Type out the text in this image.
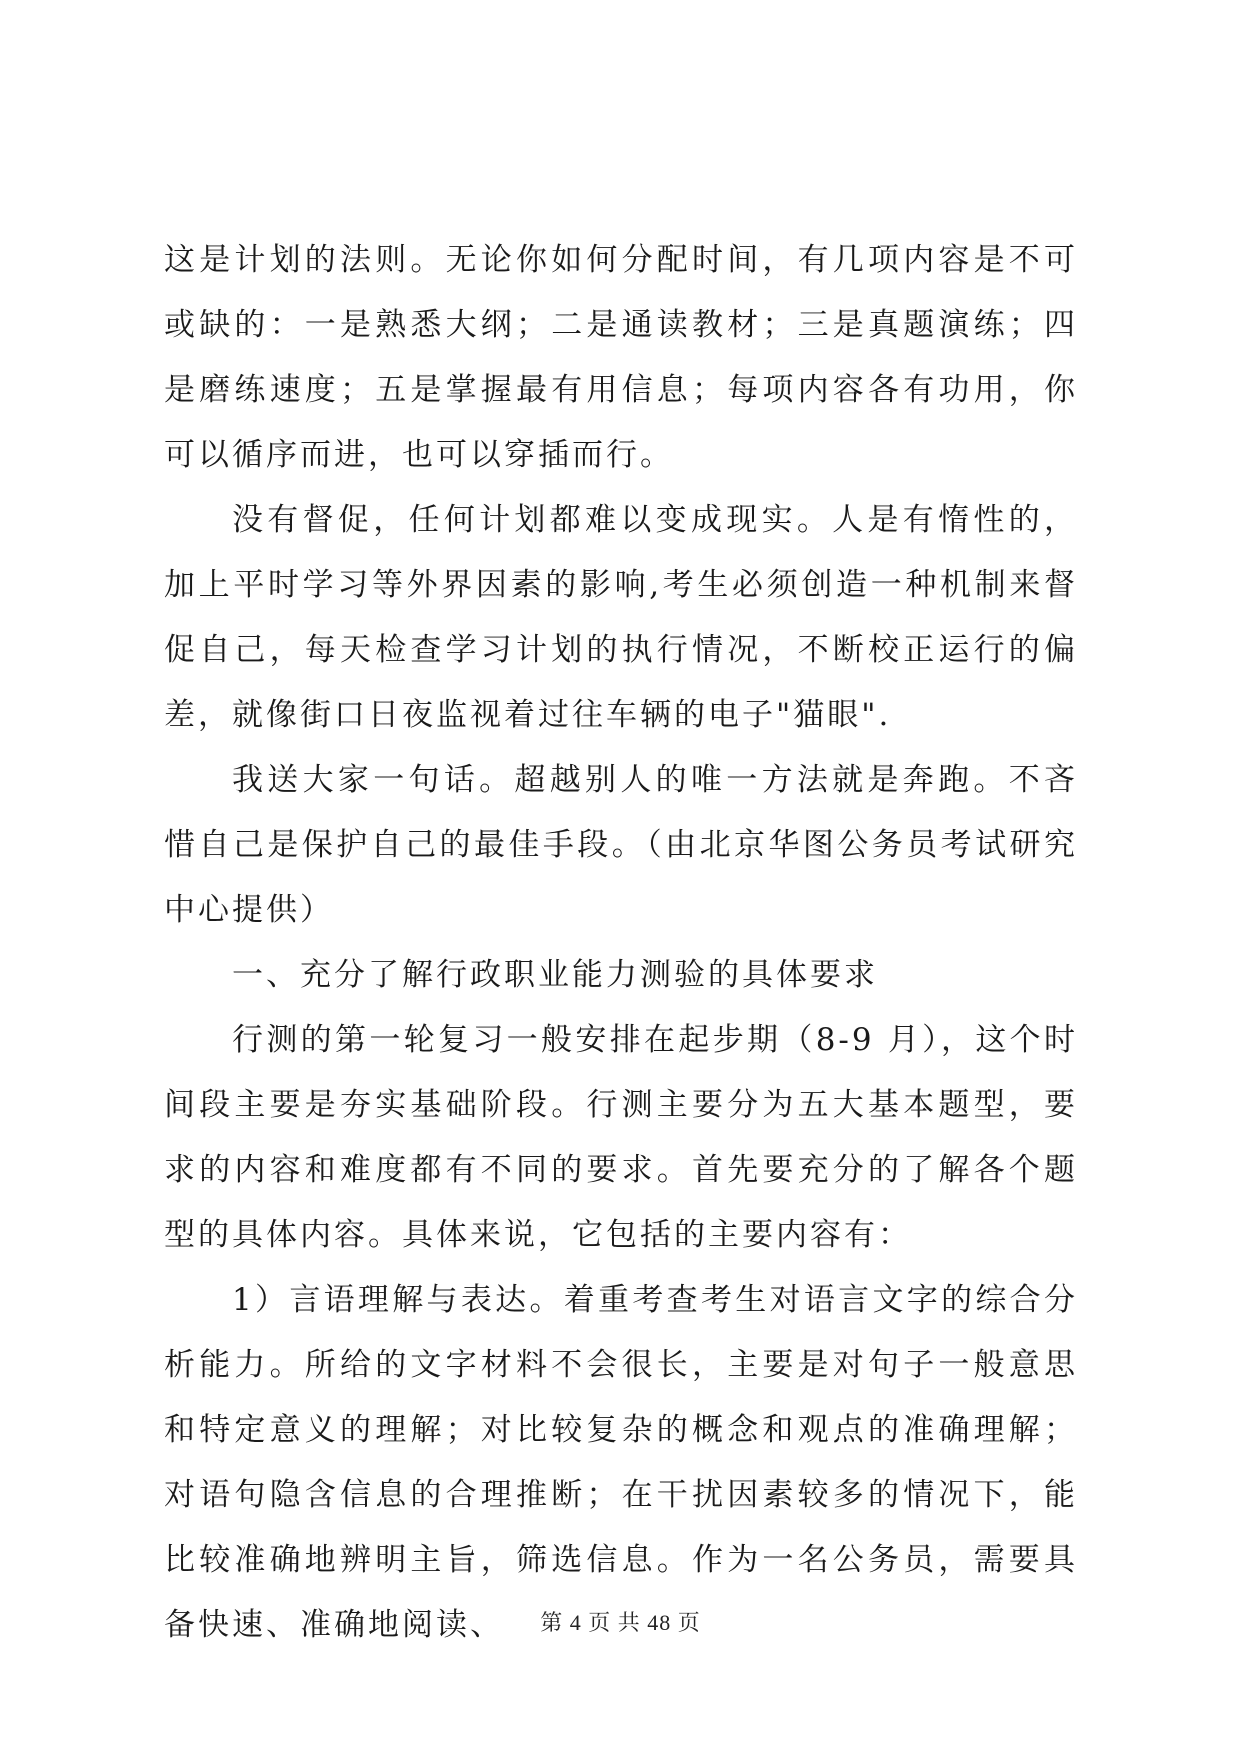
这是计划的法则。无论你如何分配时间，有几项内容是不可或缺的：一是熟悉大纲；二是通读教材；三是真题演练；四是磨练速度；五是掌握最有用信息；每项内容各有功用，你可以循序而进，也可以穿插而行。

没有督促，任何计划都难以变成现实。人是有惰性的，加上平时学习等外界因素的影响,考生必须创造一种机制来督促自己，每天检查学习计划的执行情况，不断校正运行的偏差，就像街口日夜监视着过往车辆的电子"猫眼".

我送大家一句话。超越别人的唯一方法就是奔跑。不吝惜自己是保护自己的最佳手段。（由北京华图公务员考试研究中心提供）

一、充分了解行政职业能力测验的具体要求

行测的第一轮复习一般安排在起步期（8-9 月），这个时间段主要是夯实基础阶段。行测主要分为五大基本题型，要求的内容和难度都有不同的要求。首先要充分的了解各个题型的具体内容。具体来说，它包括的主要内容有：

1）言语理解与表达。着重考查考生对语言文字的综合分析能力。所给的文字材料不会很长，主要是对句子一般意思和特定意义的理解；对比较复杂的概念和观点的准确理解；对语句隐含信息的合理推断；在干扰因素较多的情况下，能比较准确地辨明主旨，筛选信息。作为一名公务员，需要具备快速、准确地阅读、	第 4 页 共 48 页
